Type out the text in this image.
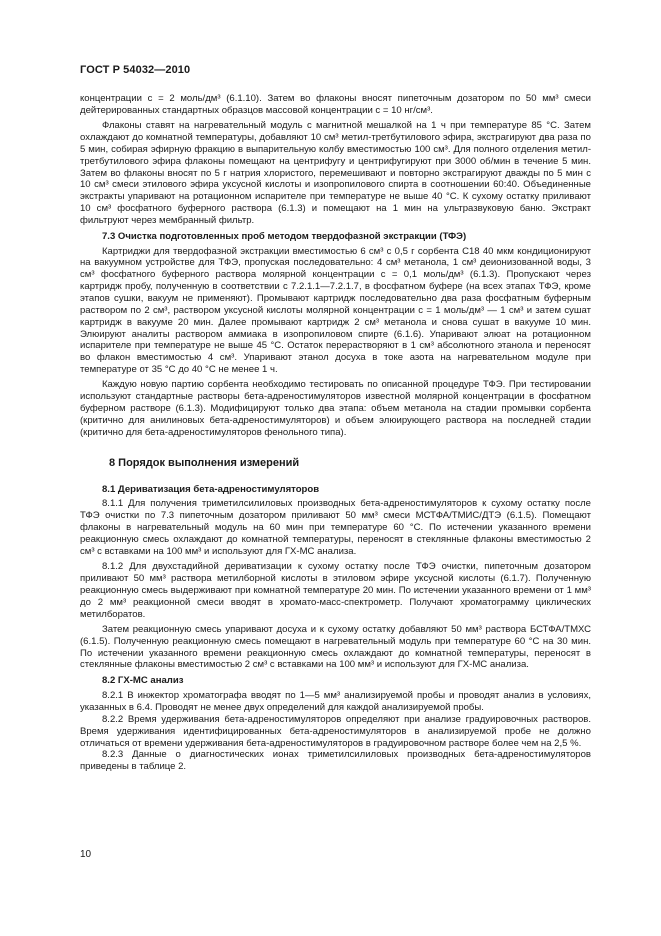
ГОСТ Р 54032—2010

концентрации c = 2 моль/дм³ (6.1.10). Затем во флаконы вносят пипеточным дозатором по 50 мм³ смеси дейтерированных стандартных образцов массовой концентрации c = 10 нг/см³.

Флаконы ставят на нагревательный модуль с магнитной мешалкой на 1 ч при температуре 85 °С. Затем охлаждают до комнатной температуры, добавляют 10 см³ метил-третбутилового эфира, экстрагируют два раза по 5 мин, собирая эфирную фракцию в выпарительную колбу вместимостью 100 см³. Для полного отделения метил-третбутилового эфира флаконы помещают на центрифугу и центрифугируют при 3000 об/мин в течение 5 мин. Затем во флаконы вносят по 5 г натрия хлористого, перемешивают и повторно экстрагируют дважды по 5 мин с 10 см³ смеси этилового эфира уксусной кислоты и изопропилового спирта в соотношении 60:40. Объединенные экстракты упаривают на ротационном испарителе при температуре не выше 40 °С. К сухому остатку приливают 10 см³ фосфатного буферного раствора (6.1.3) и помещают на 1 мин на ультразвуковую баню. Экстракт фильтруют через мембранный фильтр.

7.3 Очистка подготовленных проб методом твердофазной экстракции (ТФЭ)

Картриджи для твердофазной экстракции вместимостью 6 см³ с 0,5 г сорбента С18 40 мкм кондиционируют на вакуумном устройстве для ТФЭ, пропуская последовательно: 4 см³ метанола, 1 см³ деионизованной воды, 3 см³ фосфатного буферного раствора молярной концентрации c = 0,1 моль/дм³ (6.1.3). Пропускают через картридж пробу, полученную в соответствии с 7.2.1.1—7.2.1.7, в фосфатном буфере (на всех этапах ТФЭ, кроме этапов сушки, вакуум не применяют). Промывают картридж последовательно два раза фосфатным буферным раствором по 2 см³, раствором уксусной кислоты молярной концентрации c = 1 моль/дм³ — 1 см³ и затем сушат картридж в вакууме 20 мин. Далее промывают картридж 2 см³ метанола и снова сушат в вакууме 10 мин. Элюируют аналиты раствором аммиака в изопропиловом спирте (6.1.6). Упаривают элюат на ротационном испарителе при температуре не выше 45 °С. Остаток перерастворяют в 1 см³ абсолютного этанола и переносят во флакон вместимостью 4 см³. Упаривают этанол досуха в токе азота на нагревательном модуле при температуре от 35 °С до 40 °С не менее 1 ч.

Каждую новую партию сорбента необходимо тестировать по описанной процедуре ТФЭ. При тестировании используют стандартные растворы бета-адреностимуляторов известной молярной концентрации в фосфатном буферном растворе (6.1.3). Модифицируют только два этапа: объем метанола на стадии промывки сорбента (критично для анилиновых бета-адреностимуляторов) и объем элюирующего раствора на последней стадии (критично для бета-адреностимуляторов фенольного типа).

8 Порядок выполнения измерений

8.1 Дериватизация бета-адреностимуляторов

8.1.1 Для получения триметилсилиловых производных бета-адреностимуляторов к сухому остатку после ТФЭ очистки по 7.3 пипеточным дозатором приливают 50 мм³ смеси МСТФА/ТМИС/ДТЭ (6.1.5). Помещают флаконы в нагревательный модуль на 60 мин при температуре 60 °С. По истечении указанного времени реакционную смесь охлаждают до комнатной температуры, переносят в стеклянные флаконы вместимостью 2 см³ с вставками на 100 мм³ и используют для ГХ-МС анализа.

8.1.2 Для двухстадийной дериватизации к сухому остатку после ТФЭ очистки, пипеточным дозатором приливают 50 мм³ раствора метилборной кислоты в этиловом эфире уксусной кислоты (6.1.7). Полученную реакционную смесь выдерживают при комнатной температуре 20 мин. По истечении указанного времени от 1 мм³ до 2 мм³ реакционной смеси вводят в хромато-масс-спектрометр. Получают хроматограмму циклических метилборатов.

Затем реакционную смесь упаривают досуха и к сухому остатку добавляют 50 мм³ раствора БСТФА/ТМХС (6.1.5). Полученную реакционную смесь помещают в нагревательный модуль при температуре 60 °С на 30 мин. По истечении указанного времени реакционную смесь охлаждают до комнатной температуры, переносят в стеклянные флаконы вместимостью 2 см³ с вставками на 100 мм³ и используют для ГХ-МС анализа.

8.2 ГХ-МС анализ

8.2.1 В инжектор хроматографа вводят по 1—5 мм³ анализируемой пробы и проводят анализ в условиях, указанных в 6.4. Проводят не менее двух определений для каждой анализируемой пробы.

8.2.2 Время удерживания бета-адреностимуляторов определяют при анализе градуировочных растворов. Время удерживания идентифицированных бета-адреностимуляторов в анализируемой пробе не должно отличаться от времени удерживания бета-адреностимуляторов в градуировочном растворе более чем на 2,5 %.

8.2.3 Данные о диагностических ионах триметилсилиловых производных бета-адреностимуляторов приведены в таблице 2.

10
